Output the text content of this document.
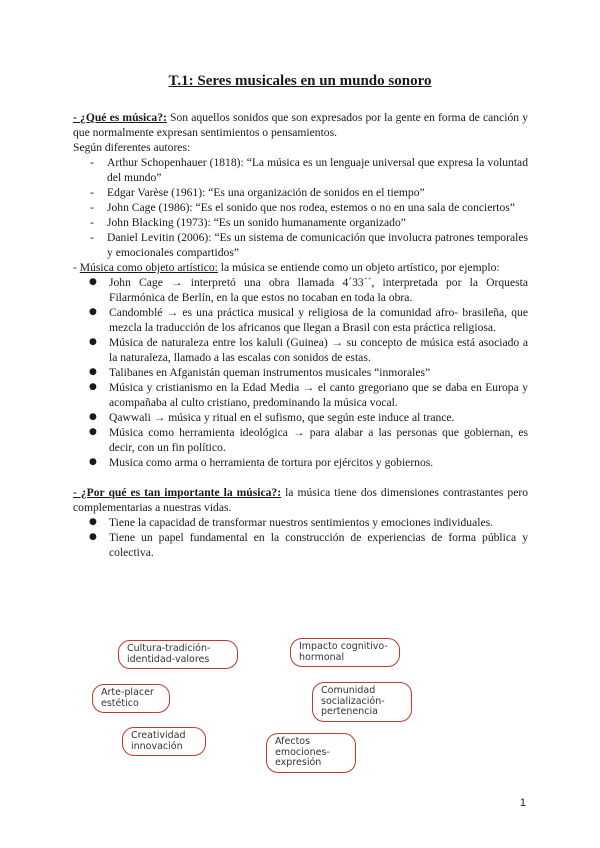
T.1: Seres musicales en un mundo sonoro

- ¿Qué es música?: Son aquellos sonidos que son expresados por la gente en forma de canción y que normalmente expresan sentimientos o pensamientos.

Según diferentes autores:

- Arthur Schopenhauer (1818): “La música es un lenguaje universal que expresa la voluntad del mundo”
- Edgar Varèse (1961): “Es una organización de sonidos en el tiempo”
- John Cage (1986): “Es el sonido que nos rodea, estemos o no en una sala de conciertos”
- John Blacking (1973): “Es un sonido humanamente organizado”
- Daniel Levitin (2006): “Es un sistema de comunicación que involucra patrones temporales y emocionales compartidos”

- Música como objeto artístico: la música se entiende como un objeto artístico, por ejemplo:

● John Cage → interpretó una obra llamada 4´33´´, interpretada por la Orquesta Filarmónica de Berlín, en la que estos no tocaban en toda la obra.
● Candomblé → es una práctica musical y religiosa de la comunidad afro- brasileña, que mezcla la traducción de los africanos que llegan a Brasil con esta práctica religiosa.
● Música de naturaleza entre los kaluli (Guinea) → su concepto de música está asociado a la naturaleza, llamado a las escalas con sonidos de estas.
● Talibanes en Afganistán queman instrumentos musicales “inmorales”
● Música y cristianismo en la Edad Media → el canto gregoriano que se daba en Europa y acompañaba al culto cristiano, predominando la música vocal.
● Qawwali → música y ritual en el sufismo, que según este induce al trance.
● Música como herramienta ideológica → para alabar a las personas que gobiernan, es decir, con un fin político.
● Musica como arma o herramienta de tortura por ejércitos y gobiernos.

- ¿Por qué es tan importante la música?: la música tiene dos dimensiones contrastantes pero complementarias a nuestras vidas.

● Tiene la capacidad de transformar nuestros sentimientos y emociones individuales.
● Tiene un papel fundamental en la construcción de experiencias de forma pública y colectiva.
Cultura-tradición-identidad-valores
Impacto cognitivo-hormonal
Arte-placer estético
Comunidad socialización-pertenencia
Creatividad innovación	Afectos emociones-expresión
1
